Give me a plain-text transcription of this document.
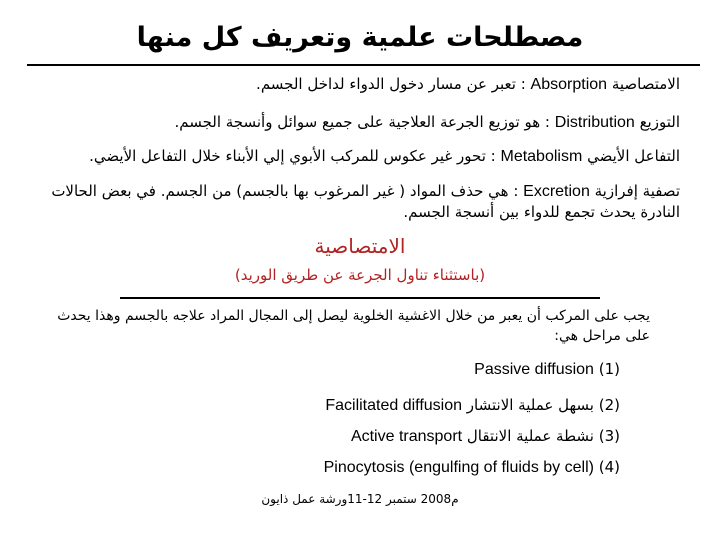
مصطلحات علمية وتعريف كل منها
الامتصاصية Absorption : تعبر عن مسار دخول الدواء لداخل الجسم.
التوزيع Distribution : هو توزيع الجرعة العلاجية على جميع سوائل وأنسجة الجسم.
التفاعل الأيضي Metabolism : تحور غير عكوس للمركب الأبوي إلي الأبناء خلال التفاعل الأيضي.
تصفية إفرازية Excretion : هي حذف المواد ( غير المرغوب بها بالجسم) من الجسم. في بعض الحالات النادرة يحدث تجمع للدواء بين أنسجة الجسم.
الامتصاصية
(باستثناء تناول الجرعة عن طريق الوريد)
يجب على المركب أن يعبر من خلال الاغشية الخلوية ليصل إلى المجال المراد علاجه بالجسم وهذا يحدث على مراحل هي:
(1) Passive diffusion
(2) بسهل عملية الانتشار Facilitated diffusion
(3) نشطة عملية الانتقال Active transport
(4) Pinocytosis (engulfing of fluids by cell)
م2008 ستمبر 12-11ورشة عمل ذايون
